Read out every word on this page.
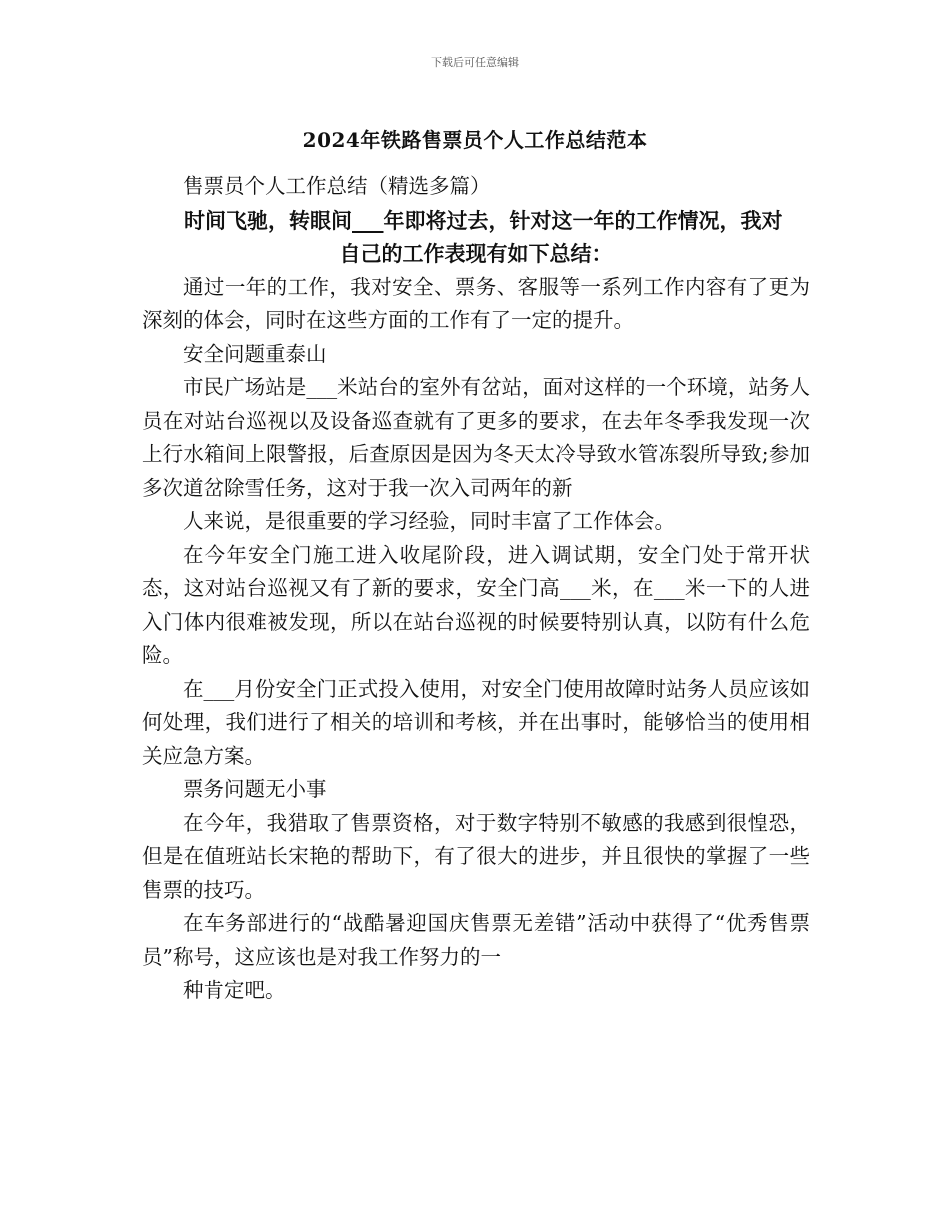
下载后可任意编辑
2024年铁路售票员个人工作总结范本

售票员个人工作总结（精选多篇）

时间飞驰，转眼间___年即将过去，针对这一年的工作情况，我对

自己的工作表现有如下总结：

通过一年的工作，我对安全、票务、客服等一系列工作内容有了更为深刻的体会，同时在这些方面的工作有了一定的提升。

安全问题重泰山

市民广场站是___米站台的室外有岔站，面对这样的一个环境，站务人员在对站台巡视以及设备巡查就有了更多的要求，在去年冬季我发现一次上行水箱间上限警报，后查原因是因为冬天太冷导致水管冻裂所导致;参加多次道岔除雪任务，这对于我一次入司两年的新

人来说，是很重要的学习经验，同时丰富了工作体会。

在今年安全门施工进入收尾阶段，进入调试期，安全门处于常开状态，这对站台巡视又有了新的要求，安全门高___米，在___米一下的人进入门体内很难被发现，所以在站台巡视的时候要特别认真，以防有什么危险。

在___月份安全门正式投入使用，对安全门使用故障时站务人员应该如何处理，我们进行了相关的培训和考核，并在出事时，能够恰当的使用相关应急方案。

票务问题无小事

在今年，我猎取了售票资格，对于数字特别不敏感的我感到很惶恐，但是在值班站长宋艳的帮助下，有了很大的进步，并且很快的掌握了一些售票的技巧。

在车务部进行的“战酷暑迎国庆售票无差错”活动中获得了“优秀售票员”称号，这应该也是对我工作努力的一

种肯定吧。
